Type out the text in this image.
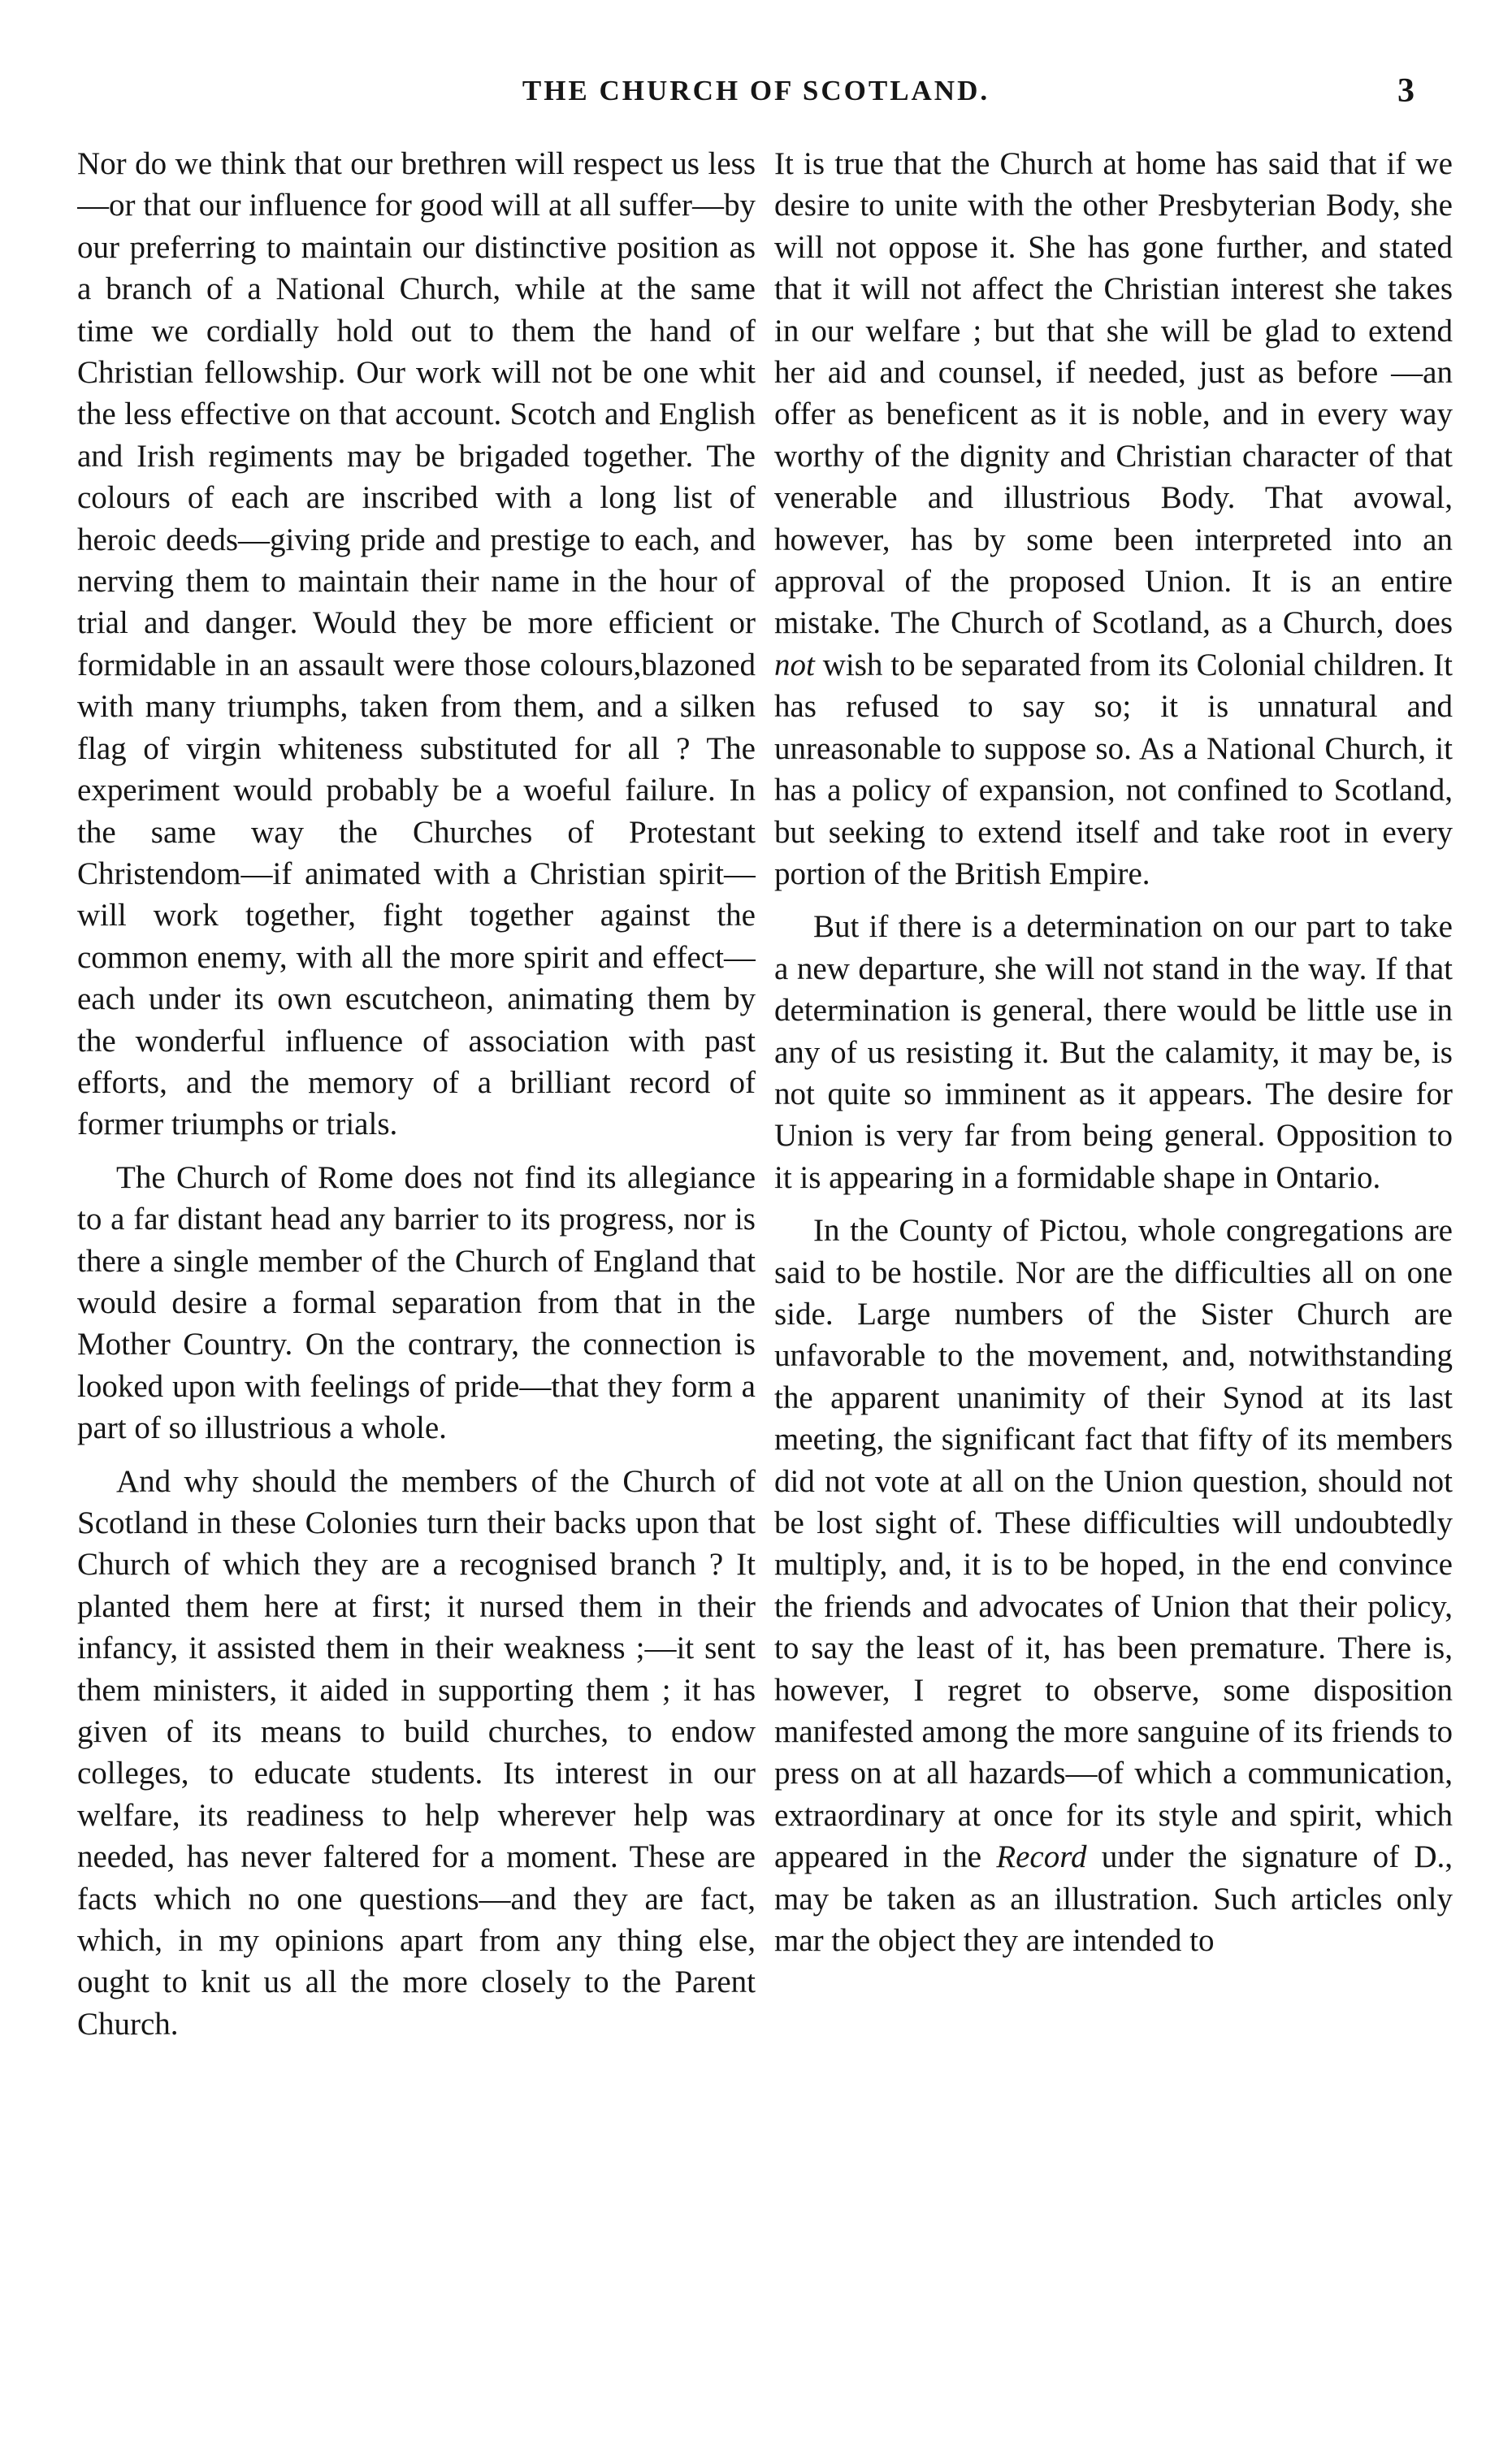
THE CHURCH OF SCOTLAND.	3

Nor do we think that our brethren will respect us less—or that our influence for good will at all suffer—by our preferring to maintain our distinctive position as a branch of a National Church, while at the same time we cordially hold out to them the hand of Christian fellowship. Our work will not be one whit the less effective on that account. Scotch and English and Irish regiments may be brigaded together. The colours of each are inscribed with a long list of heroic deeds—giving pride and prestige to each, and nerving them to maintain their name in the hour of trial and danger. Would they be more efficient or formidable in an assault were those colours,blazoned with many triumphs, taken from them, and a silken flag of virgin whiteness substituted for all ? The experiment would probably be a woeful failure. In the same way the Churches of Protestant Christendom—if animated with a Christian spirit—will work together, fight together against the common enemy, with all the more spirit and effect—each under its own escutcheon, animating them by the wonderful influence of association with past efforts, and the memory of a brilliant record of former triumphs or trials.

The Church of Rome does not find its allegiance to a far distant head any barrier to its progress, nor is there a single member of the Church of England that would desire a formal separation from that in the Mother Country. On the contrary, the connection is looked upon with feelings of pride—that they form a part of so illustrious a whole.

And why should the members of the Church of Scotland in these Colonies turn their backs upon that Church of which they are a recognised branch ? It planted them here at first; it nursed them in their infancy, it assisted them in their weakness ;—it sent them ministers, it aided in supporting them ; it has given of its means to build churches, to endow colleges, to educate students. Its interest in our welfare, its readiness to help wherever help was needed, has never faltered for a moment. These are facts which no one questions—and they are fact, which, in my opinions apart from any thing else, ought to knit us all the more closely to the Parent Church.

It is true that the Church at home has said that if we desire to unite with the other Presbyterian Body, she will not oppose it. She has gone further, and stated that it will not affect the Christian interest she takes in our welfare ; but that she will be glad to extend her aid and counsel, if needed, just as before —an offer as beneficent as it is noble, and in every way worthy of the dignity and Christian character of that venerable and illustrious Body. That avowal, however, has by some been interpreted into an approval of the proposed Union. It is an entire mistake. The Church of Scotland, as a Church, does not wish to be separated from its Colonial children. It has refused to say so; it is unnatural and unreasonable to suppose so. As a National Church, it has a policy of expansion, not confined to Scotland, but seeking to extend itself and take root in every portion of the British Empire.

But if there is a determination on our part to take a new departure, she will not stand in the way. If that determination is general, there would be little use in any of us resisting it. But the calamity, it may be, is not quite so imminent as it appears. The desire for Union is very far from being general. Opposition to it is appearing in a formidable shape in Ontario.

In the County of Pictou, whole congregations are said to be hostile. Nor are the difficulties all on one side. Large numbers of the Sister Church are unfavorable to the movement, and, notwithstanding the apparent unanimity of their Synod at its last meeting, the significant fact that fifty of its members did not vote at all on the Union question, should not be lost sight of. These difficulties will undoubtedly multiply, and, it is to be hoped, in the end convince the friends and advocates of Union that their policy, to say the least of it, has been premature. There is, however, I regret to observe, some disposition manifested among the more sanguine of its friends to press on at all hazards—of which a communication, extraordinary at once for its style and spirit, which appeared in the Record under the signature of D., may be taken as an illustration. Such articles only mar the object they are intended to
